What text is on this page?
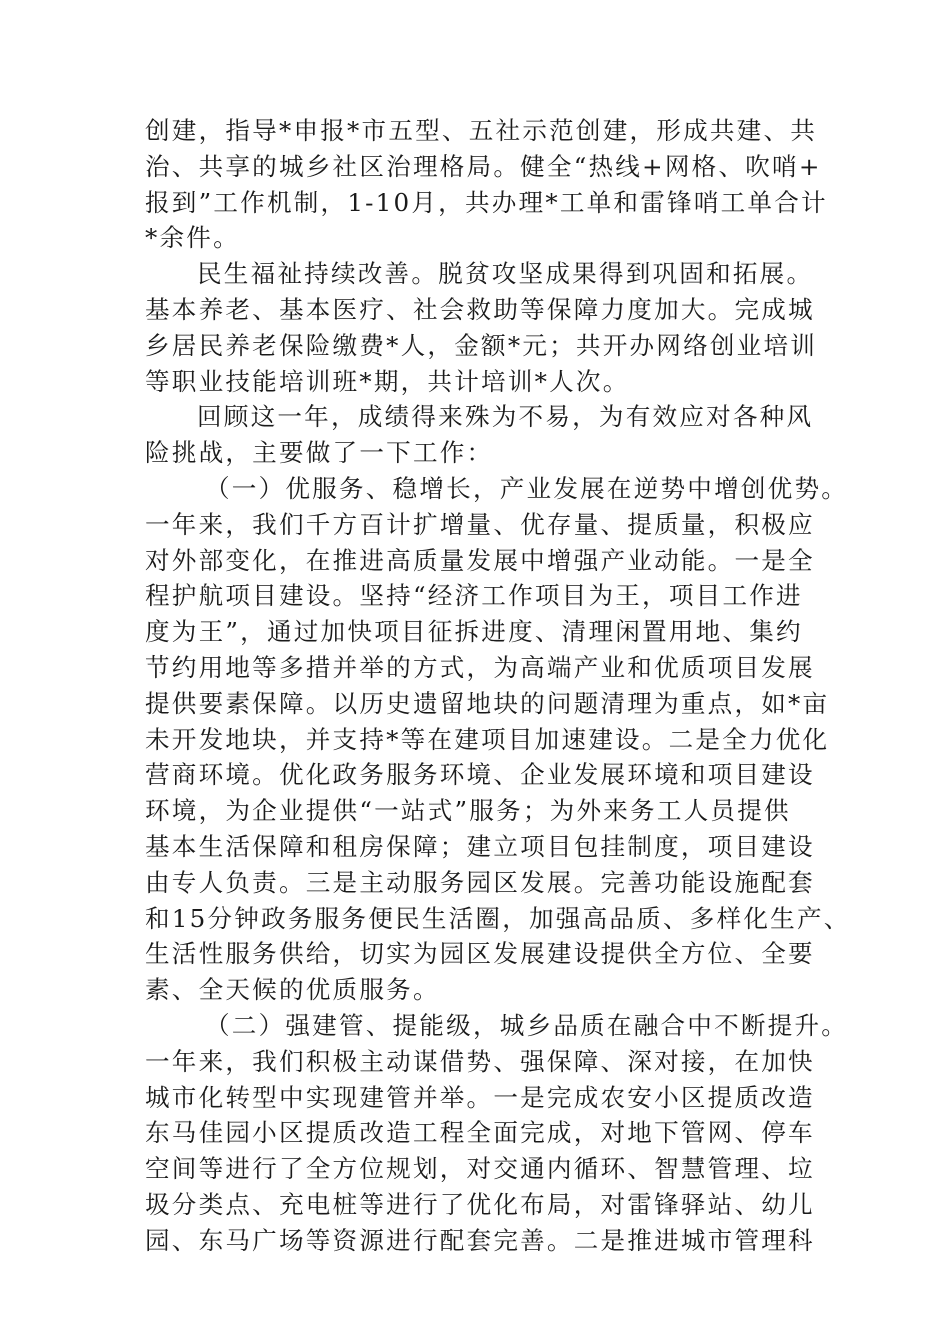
创建，指导*申报*市五型、五社示范创建，形成共建、共
治、共享的城乡社区治理格局。健全“热线+网格、吹哨+
报到”工作机制，1-10月，共办理*工单和雷锋哨工单合计
*余件。
民生福祉持续改善。脱贫攻坚成果得到巩固和拓展。
基本养老、基本医疗、社会救助等保障力度加大。完成城
乡居民养老保险缴费*人，金额*元；共开办网络创业培训
等职业技能培训班*期，共计培训*人次。
回顾这一年，成绩得来殊为不易，为有效应对各种风
险挑战，主要做了一下工作：
（一）优服务、稳增长，产业发展在逆势中增创优势。
一年来，我们千方百计扩增量、优存量、提质量，积极应
对外部变化，在推进高质量发展中增强产业动能。一是全
程护航项目建设。坚持“经济工作项目为王，项目工作进
度为王”，通过加快项目征拆进度、清理闲置用地、集约
节约用地等多措并举的方式，为高端产业和优质项目发展
提供要素保障。以历史遗留地块的问题清理为重点，如*亩
未开发地块，并支持*等在建项目加速建设。二是全力优化
营商环境。优化政务服务环境、企业发展环境和项目建设
环境，为企业提供“一站式”服务；为外来务工人员提供
基本生活保障和租房保障；建立项目包挂制度，项目建设
由专人负责。三是主动服务园区发展。完善功能设施配套
和15分钟政务服务便民生活圈，加强高品质、多样化生产、
生活性服务供给，切实为园区发展建设提供全方位、全要
素、全天候的优质服务。
（二）强建管、提能级，城乡品质在融合中不断提升。
一年来，我们积极主动谋借势、强保障、深对接，在加快
城市化转型中实现建管并举。一是完成农安小区提质改造
东马佳园小区提质改造工程全面完成，对地下管网、停车
空间等进行了全方位规划，对交通内循环、智慧管理、垃
圾分类点、充电桩等进行了优化布局，对雷锋驿站、幼儿
园、东马广场等资源进行配套完善。二是推进城市管理科
